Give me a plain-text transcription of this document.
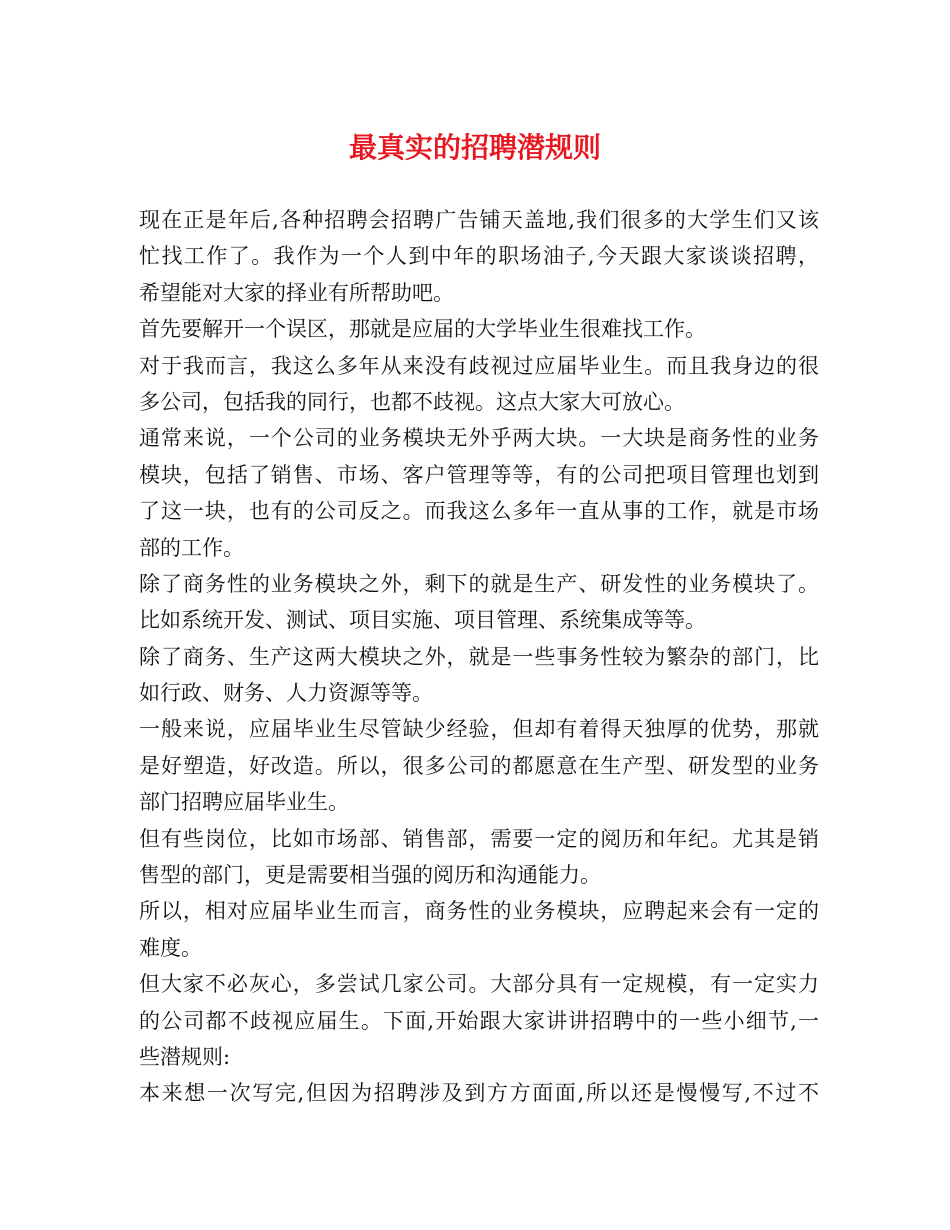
最真实的招聘潜规则
现在正是年后,各种招聘会招聘广告铺天盖地,我们很多的大学生们又该
忙找工作了。我作为一个人到中年的职场油子,今天跟大家谈谈招聘，
希望能对大家的择业有所帮助吧。
首先要解开一个误区，那就是应届的大学毕业生很难找工作。
对于我而言，我这么多年从来没有歧视过应届毕业生。而且我身边的很
多公司，包括我的同行，也都不歧视。这点大家大可放心。
通常来说，一个公司的业务模块无外乎两大块。一大块是商务性的业务
模块，包括了销售、市场、客户管理等等，有的公司把项目管理也划到
了这一块，也有的公司反之。而我这么多年一直从事的工作，就是市场
部的工作。
除了商务性的业务模块之外，剩下的就是生产、研发性的业务模块了。
比如系统开发、测试、项目实施、项目管理、系统集成等等。
除了商务、生产这两大模块之外，就是一些事务性较为繁杂的部门，比
如行政、财务、人力资源等等。
一般来说，应届毕业生尽管缺少经验，但却有着得天独厚的优势，那就
是好塑造，好改造。所以，很多公司的都愿意在生产型、研发型的业务
部门招聘应届毕业生。
但有些岗位，比如市场部、销售部，需要一定的阅历和年纪。尤其是销
售型的部门，更是需要相当强的阅历和沟通能力。
所以，相对应届毕业生而言，商务性的业务模块，应聘起来会有一定的
难度。
但大家不必灰心，多尝试几家公司。大部分具有一定规模，有一定实力
的公司都不歧视应届生。下面,开始跟大家讲讲招聘中的一些小细节,一
些潜规则:
本来想一次写完,但因为招聘涉及到方方面面,所以还是慢慢写,不过不
